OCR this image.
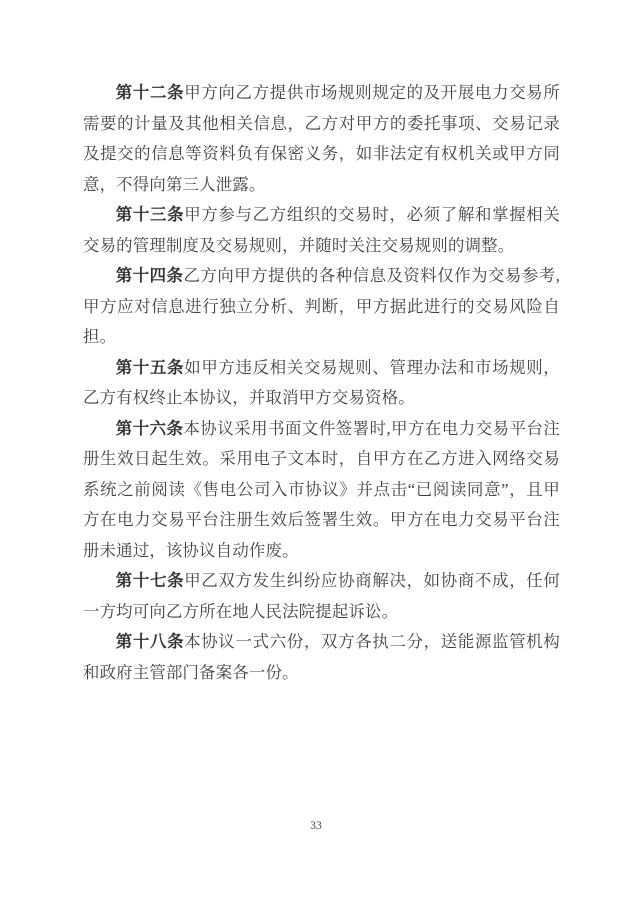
第十二条甲方向乙方提供市场规则规定的及开展电力交易所需要的计量及其他相关信息，乙方对甲方的委托事项、交易记录及提交的信息等资料负有保密义务，如非法定有权机关或甲方同意，不得向第三人泄露。

第十三条甲方参与乙方组织的交易时，必须了解和掌握相关交易的管理制度及交易规则，并随时关注交易规则的调整。

第十四条乙方向甲方提供的各种信息及资料仅作为交易参考,甲方应对信息进行独立分析、判断，甲方据此进行的交易风险自担。

第十五条如甲方违反相关交易规则、管理办法和市场规则，乙方有权终止本协议，并取消甲方交易资格。

第十六条本协议采用书面文件签署时,甲方在电力交易平台注册生效日起生效。采用电子文本时，自甲方在乙方进入网络交易系统之前阅读《售电公司入市协议》并点击“已阅读同意”，且甲方在电力交易平台注册生效后签署生效。甲方在电力交易平台注册未通过，该协议自动作废。

第十七条甲乙双方发生纠纷应协商解决，如协商不成，任何一方均可向乙方所在地人民法院提起诉讼。

第十八条本协议一式六份，双方各执二分，送能源监管机构和政府主管部门备案各一份。

33
